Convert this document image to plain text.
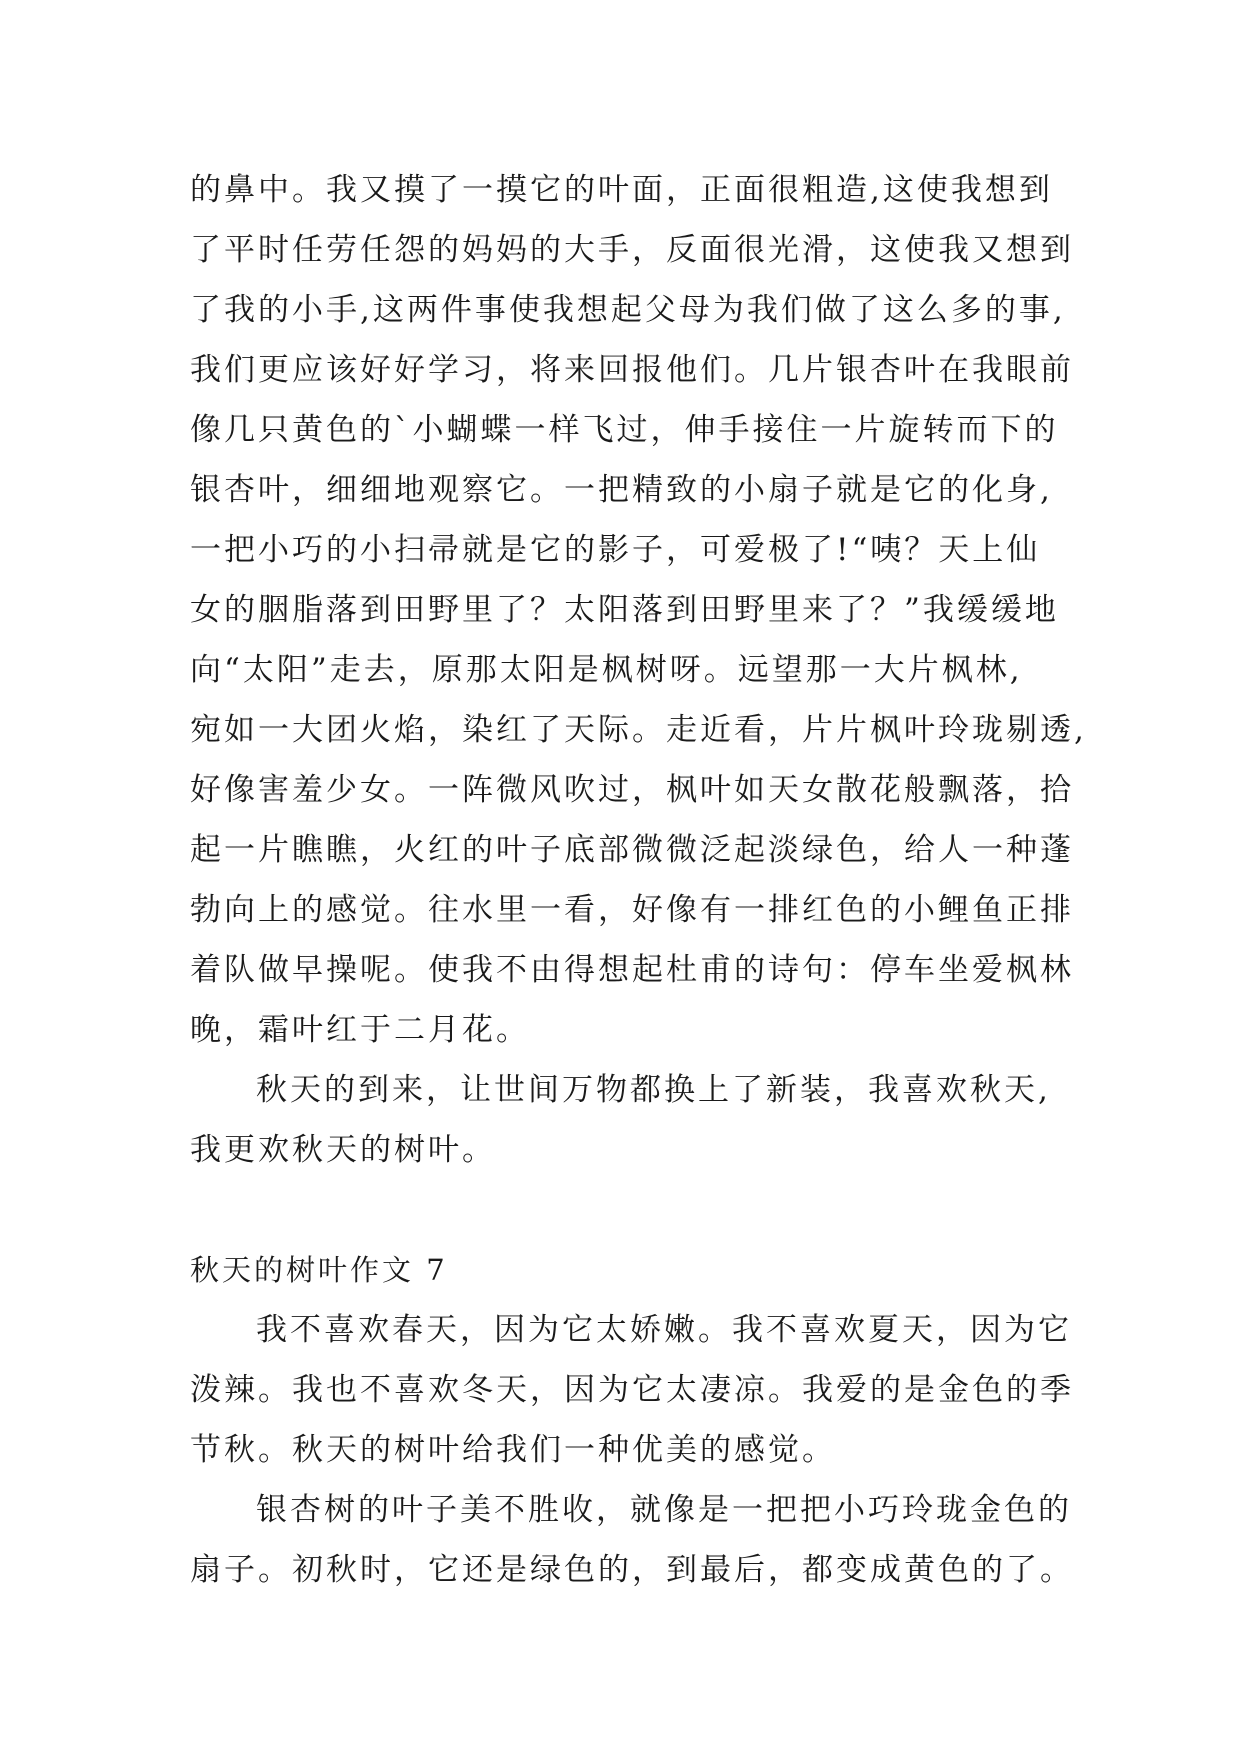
的鼻中。我又摸了一摸它的叶面，正面很粗造,这使我想到
了平时任劳任怨的妈妈的大手，反面很光滑，这使我又想到
了我的小手,这两件事使我想起父母为我们做了这么多的事,
我们更应该好好学习，将来回报他们。几片银杏叶在我眼前
像几只黄色的`小蝴蝶一样飞过，伸手接住一片旋转而下的
银杏叶，细细地观察它。一把精致的小扇子就是它的化身,
一把小巧的小扫帚就是它的影子，可爱极了!“咦？天上仙
女的胭脂落到田野里了？太阳落到田野里来了？”我缓缓地
向“太阳”走去，原那太阳是枫树呀。远望那一大片枫林,
宛如一大团火焰，染红了天际。走近看，片片枫叶玲珑剔透,
好像害羞少女。一阵微风吹过，枫叶如天女散花般飘落，拾
起一片瞧瞧，火红的叶子底部微微泛起淡绿色，给人一种蓬
勃向上的感觉。往水里一看，好像有一排红色的小鲤鱼正排
着队做早操呢。使我不由得想起杜甫的诗句：停车坐爱枫林
晚，霜叶红于二月花。
秋天的到来，让世间万物都换上了新装，我喜欢秋天,
我更欢秋天的树叶。
秋天的树叶作文 7
我不喜欢春天，因为它太娇嫩。我不喜欢夏天，因为它
泼辣。我也不喜欢冬天，因为它太凄凉。我爱的是金色的季
节秋。秋天的树叶给我们一种优美的感觉。
银杏树的叶子美不胜收，就像是一把把小巧玲珑金色的
扇子。初秋时，它还是绿色的，到最后，都变成黄色的了。
